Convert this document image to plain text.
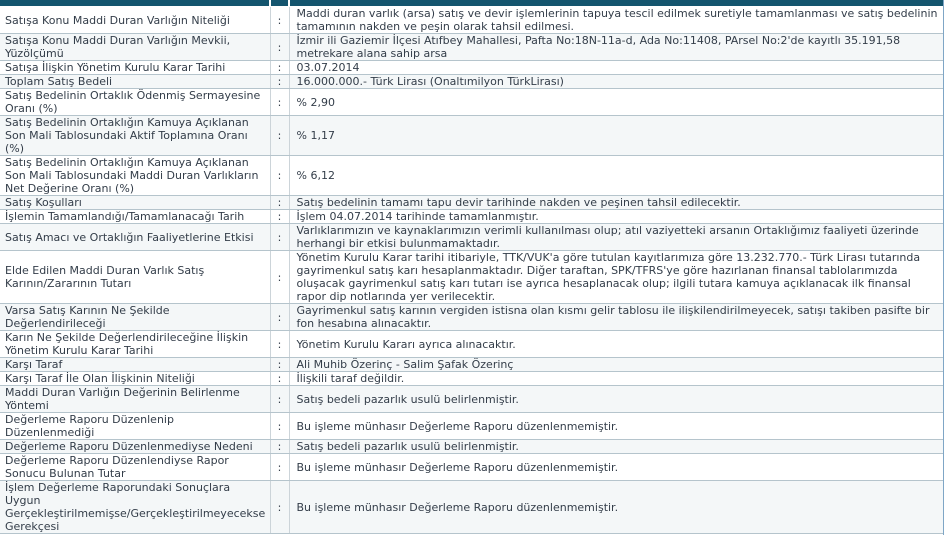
Satışa Konu Maddi Duran Varlığın Niteliği	:	Maddi duran varlık (arsa) satış ve devir işlemlerinin tapuya tescil edilmek suretiyle tamamlanması ve satış bedelinin tamamının nakden ve peşin olarak tahsil edilmesi.
Satışa Konu Maddi Duran Varlığın Mevkii, Yüzölçümü	:	İzmir ili Gaziemir İlçesi Atıfbey Mahallesi, Pafta No:18N-11a-d, Ada No:11408, PArsel No:2'de kayıtlı 35.191,58 metrekare alana sahip arsa
Satışa İlişkin Yönetim Kurulu Karar Tarihi	:	03.07.2014
Toplam Satış Bedeli	:	16.000.000.- Türk Lirası (Onaltımilyon TürkLirası)
Satış Bedelinin Ortaklık Ödenmiş Sermayesine Oranı (%)	:	% 2,90
Satış Bedelinin Ortaklığın Kamuya Açıklanan Son Mali Tablosundaki Aktif Toplamına Oranı (%)	:	% 1,17
Satış Bedelinin Ortaklığın Kamuya Açıklanan Son Mali Tablosundaki Maddi Duran Varlıkların Net Değerine Oranı (%)	:	% 6,12
Satış Koşulları	:	Satış bedelinin tamamı tapu devir tarihinde nakden ve peşinen tahsil edilecektir.
İşlemin Tamamlandığı/Tamamlanacağı Tarih	:	İşlem 04.07.2014 tarihinde tamamlanmıştır.
Satış Amacı ve Ortaklığın Faaliyetlerine Etkisi	:	Varlıklarımızın ve kaynaklarımızın verimli kullanılması olup; atıl vaziyetteki arsanın Ortaklığımız faaliyeti üzerinde herhangi bir etkisi bulunmamaktadır.
Elde Edilen Maddi Duran Varlık Satış Karının/Zararının Tutarı	:	Yönetim Kurulu Karar tarihi itibariyle, TTK/VUK'a göre tutulan kayıtlarımıza göre 13.232.770.- Türk Lirası tutarında gayrimenkul satış karı hesaplanmaktadır. Diğer taraftan, SPK/TFRS'ye göre hazırlanan finansal tablolarımızda oluşacak gayrimenkul satış karı tutarı ise ayrıca hesaplanacak olup; ilgili tutara kamuya açıklanacak ilk finansal rapor dip notlarında yer verilecektir.
Varsa Satış Karının Ne Şekilde Değerlendirileceği	:	Gayrimenkul satış karının vergiden istisna olan kısmı gelir tablosu ile ilişkilendirilmeyecek, satışı takiben pasifte bir fon hesabına alınacaktır.
Karın Ne Şekilde Değerlendirileceğine İlişkin Yönetim Kurulu Karar Tarihi	:	Yönetim Kurulu Kararı ayrıca alınacaktır.
Karşı Taraf	:	Ali Muhib Özerinç - Salim Şafak Özerinç
Karşı Taraf İle Olan İlişkinin Niteliği	:	İlişkili taraf değildir.
Maddi Duran Varlığın Değerinin Belirlenme Yöntemi	:	Satış bedeli pazarlık usulü belirlenmiştir.
Değerleme Raporu Düzenlenip Düzenlenmediği	:	Bu işleme münhasır Değerleme Raporu düzenlenmemiştir.
Değerleme Raporu Düzenlenmediyse Nedeni	:	Satış bedeli pazarlık usulü belirlenmiştir.
Değerleme Raporu Düzenlendiyse Rapor Sonucu Bulunan Tutar	:	Bu işleme münhasır Değerleme Raporu düzenlenmemiştir.
İşlem Değerleme Raporundaki Sonuçlara Uygun Gerçekleştirilmemişse/Gerçekleştirilmeyecekse Gerekçesi	:	Bu işleme münhasır Değerleme Raporu düzenlenmemiştir.
